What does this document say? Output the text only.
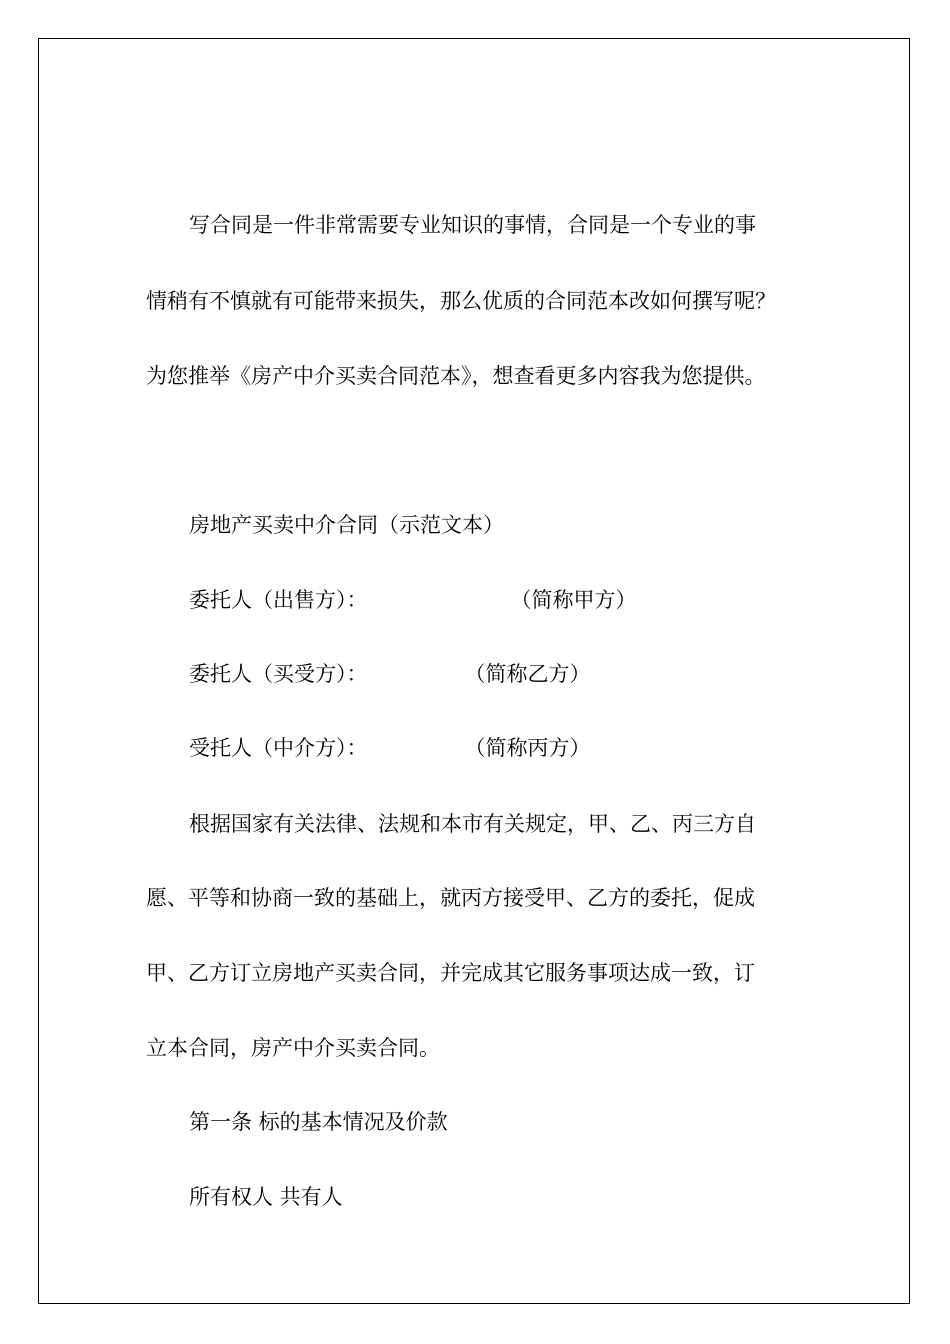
写合同是一件非常需要专业知识的事情，合同是一个专业的事
情稍有不慎就有可能带来损失，那么优质的合同范本改如何撰写呢？
为您推举《房产中介买卖合同范本》，想查看更多内容我为您提供。
房地产买卖中介合同（示范文本）
委托人（出售方）：	（简称甲方）
委托人（买受方）：	（简称乙方）
受托人（中介方）：	（简称丙方）
根据国家有关法律、法规和本市有关规定，甲、乙、丙三方自
愿、平等和协商一致的基础上，就丙方接受甲、乙方的委托，促成
甲、乙方订立房地产买卖合同，并完成其它服务事项达成一致，订
立本合同，房产中介买卖合同。
第一条 标的基本情况及价款
所有权人 共有人
